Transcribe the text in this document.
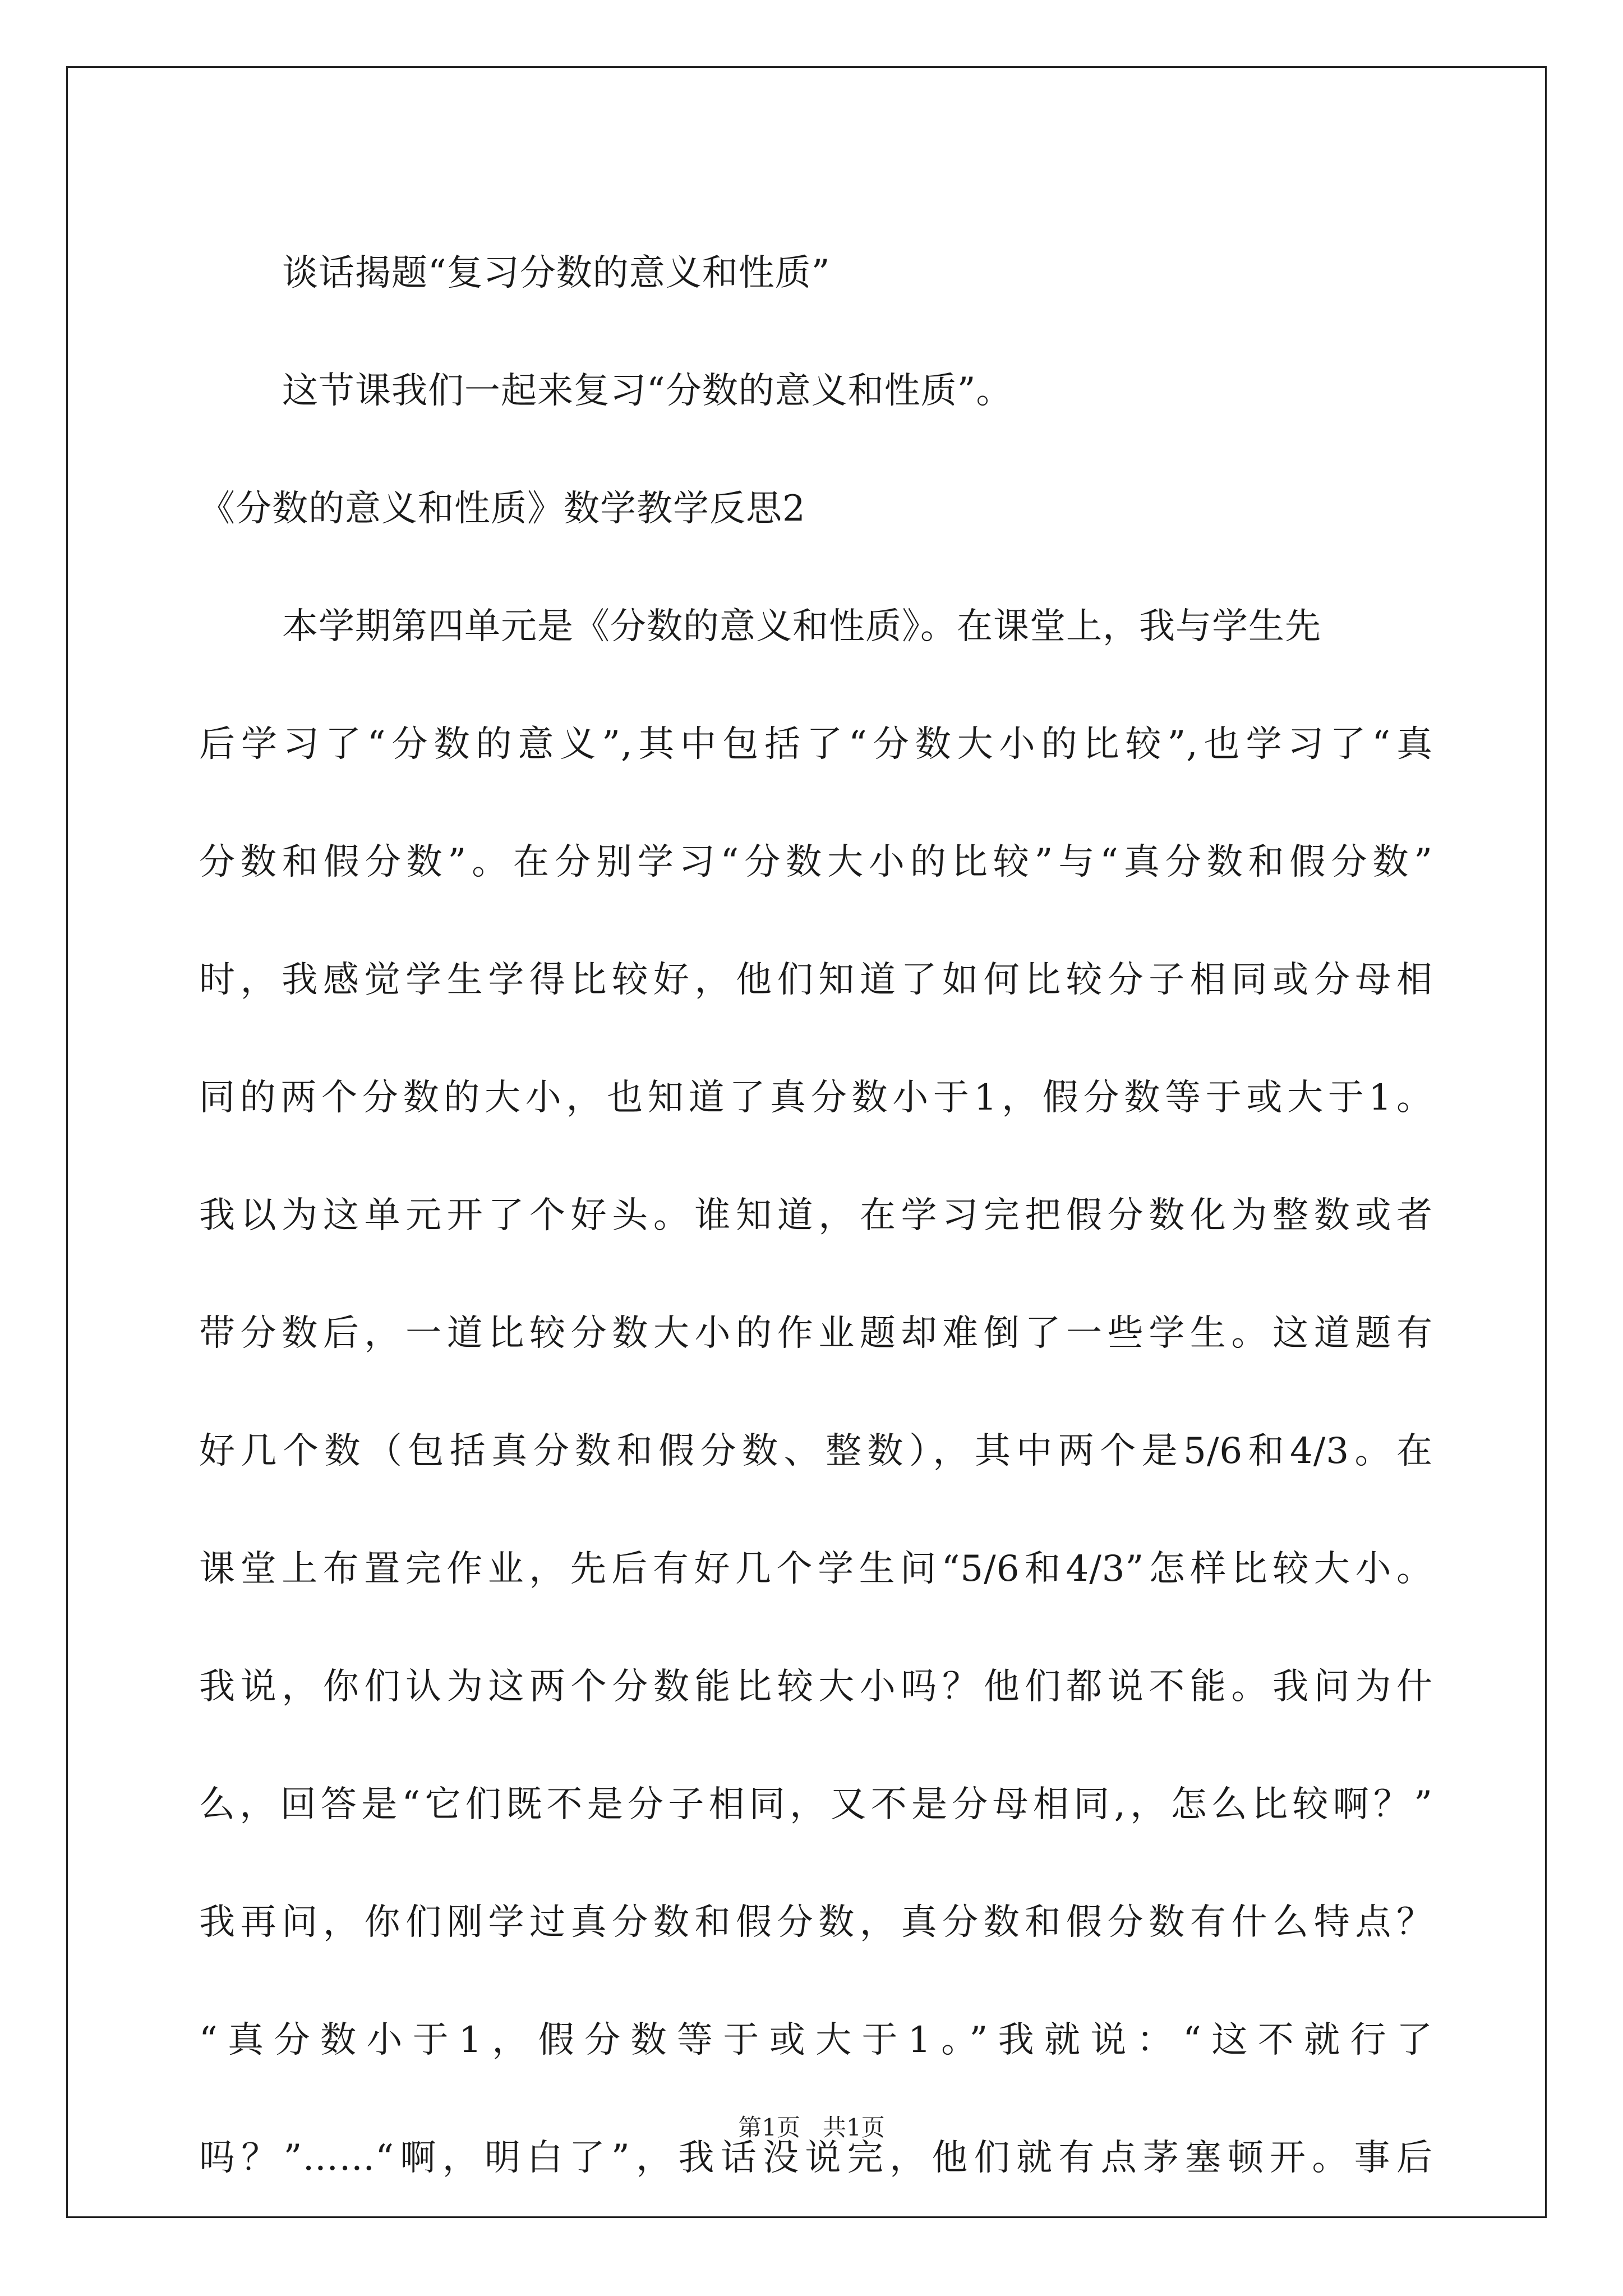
谈话揭题“复习分数的意义和性质”
这节课我们一起来复习“分数的意义和性质”。
《分数的意义和性质》数学教学反思2
本学期第四单元是《分数的意义和性质》。在课堂上，我与学生先
后学习了“分数的意义”,其中包括了“分数大小的比较”,也学习了“真
分数和假分数”。在分别学习“分数大小的比较”与“真分数和假分数”
时，我感觉学生学得比较好，他们知道了如何比较分子相同或分母相
同的两个分数的大小，也知道了真分数小于1，假分数等于或大于1。
我以为这单元开了个好头。谁知道，在学习完把假分数化为整数或者
带分数后，一道比较分数大小的作业题却难倒了一些学生。这道题有
好几个数（包括真分数和假分数、整数），其中两个是5/6和4/3。在
课堂上布置完作业，先后有好几个学生问“5/6和4/3”怎样比较大小。
我说，你们认为这两个分数能比较大小吗？他们都说不能。我问为什
么，回答是“它们既不是分子相同，又不是分母相同,，怎么比较啊？”
我再问，你们刚学过真分数和假分数，真分数和假分数有什么特点？
“真分数小于1，假分数等于或大于1。”我就说：“这不就行了
吗？”……“啊，明白了”，我话没说完，他们就有点茅塞顿开。事后
第1页   共1页
